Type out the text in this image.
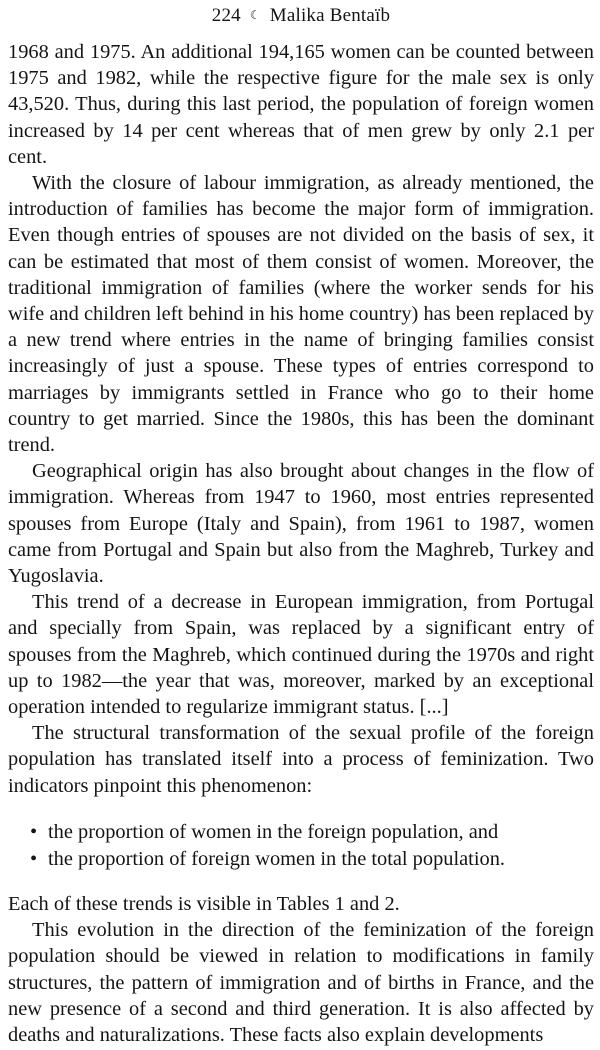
224 ☾ Malika Bentaïb

1968 and 1975. An additional 194,165 women can be counted between 1975 and 1982, while the respective figure for the male sex is only 43,520. Thus, during this last period, the population of foreign women increased by 14 per cent whereas that of men grew by only 2.1 per cent.

With the closure of labour immigration, as already mentioned, the introduction of families has become the major form of immigration. Even though entries of spouses are not divided on the basis of sex, it can be estimated that most of them consist of women. Moreover, the traditional immigration of families (where the worker sends for his wife and children left behind in his home country) has been replaced by a new trend where entries in the name of bringing families consist increasingly of just a spouse. These types of entries correspond to marriages by immigrants settled in France who go to their home country to get married. Since the 1980s, this has been the dominant trend.

Geographical origin has also brought about changes in the flow of immigration. Whereas from 1947 to 1960, most entries represented spouses from Europe (Italy and Spain), from 1961 to 1987, women came from Portugal and Spain but also from the Maghreb, Turkey and Yugoslavia.

This trend of a decrease in European immigration, from Portugal and specially from Spain, was replaced by a significant entry of spouses from the Maghreb, which continued during the 1970s and right up to 1982—the year that was, moreover, marked by an exceptional operation intended to regularize immigrant status. [...]

The structural transformation of the sexual profile of the foreign population has translated itself into a process of feminization. Two indicators pinpoint this phenomenon:

• the proportion of women in the foreign population, and
• the proportion of foreign women in the total population.

Each of these trends is visible in Tables 1 and 2.

This evolution in the direction of the feminization of the foreign population should be viewed in relation to modifications in family structures, the pattern of immigration and of births in France, and the new presence of a second and third generation. It is also affected by deaths and naturalizations. These facts also explain developments
